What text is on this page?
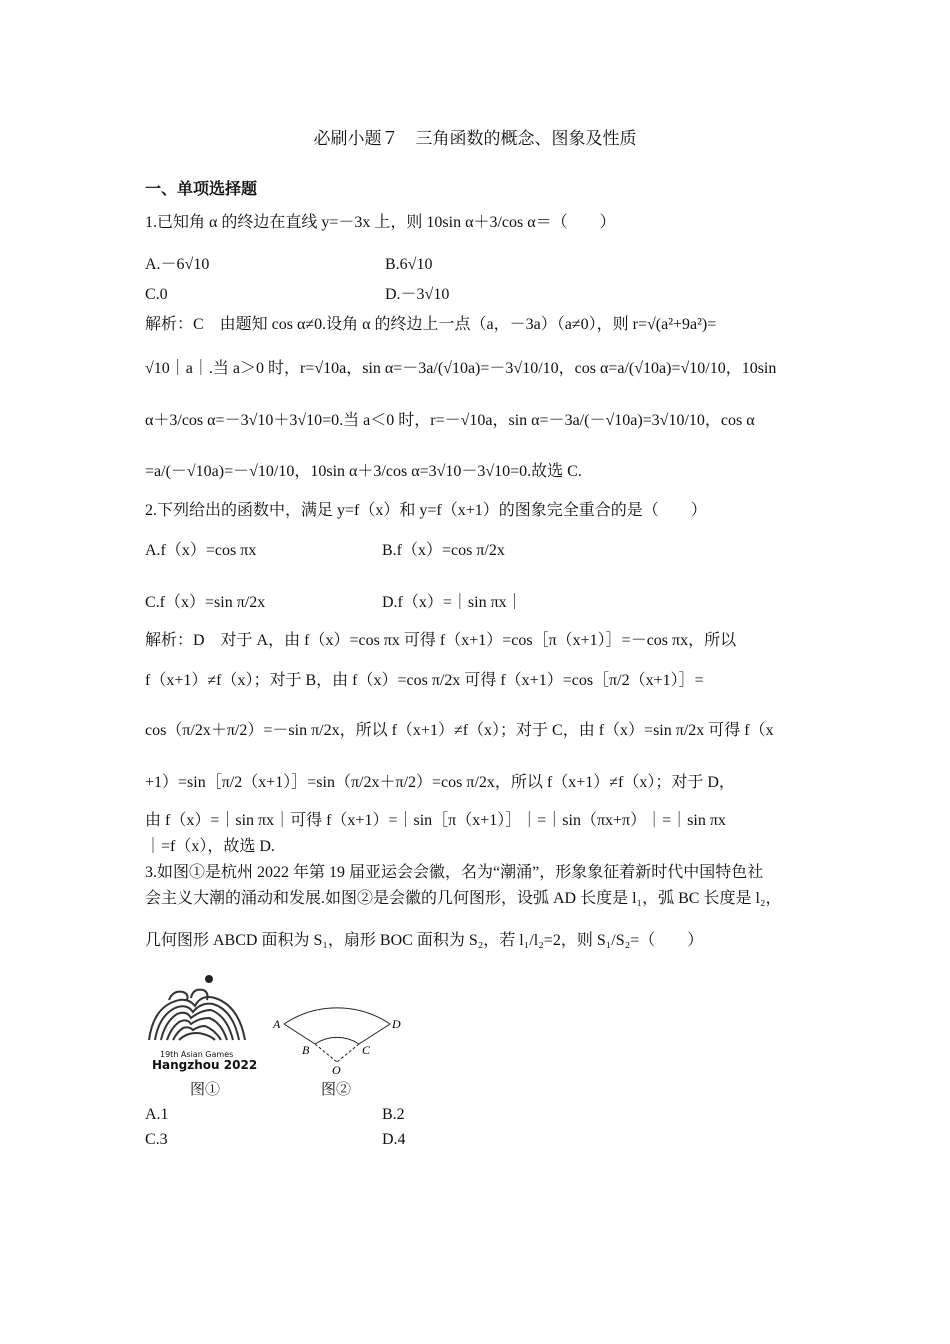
必刷小题７　三角函数的概念、图象及性质
一、单项选择题
1.已知角 α 的终边在直线 y=－3x 上，则 10sin α＋3/cos α＝（　　）
A.－6√10	B.6√10
C.0	D.－3√10
解析：C　由题知 cos α≠0.设角 α 的终边上一点（a，－3a）（a≠0），则 r=√(a²+9a²)=
√10｜a｜.当 a＞0 时，r=√10a，sin α=－3a/(√10a)=－3√10/10，cos α=a/(√10a)=√10/10，10sin
α＋3/cos α=－3√10＋3√10=0.当 a＜0 时，r=－√10a，sin α=－3a/(－√10a)=3√10/10，cos α
=a/(－√10a)=－√10/10，10sin α＋3/cos α=3√10－3√10=0.故选 C.
2.下列给出的函数中，满足 y=f（x）和 y=f（x+1）的图象完全重合的是（　　）
A.f（x）=cos πx	B.f（x）=cos π/2x
C.f（x）=sin π/2x	D.f（x）=｜sin πx｜
解析：D　对于 A，由 f（x）=cos πx 可得 f（x+1）=cos［π（x+1）］=－cos πx，所以
f（x+1）≠f（x）；对于 B，由 f（x）=cos π/2x 可得 f（x+1）=cos［π/2（x+1）］=
cos（π/2x＋π/2）=－sin π/2x，所以 f（x+1）≠f（x）；对于 C，由 f（x）=sin π/2x 可得 f（x
+1）=sin［π/2（x+1）］=sin（π/2x＋π/2）=cos π/2x，所以 f（x+1）≠f（x）；对于 D，
由 f（x）=｜sin πx｜可得 f（x+1）=｜sin［π（x+1）］｜=｜sin（πx+π）｜=｜sin πx
｜=f（x），故选 D.
3.如图①是杭州 2022 年第 19 届亚运会会徽，名为“潮涌”，形象象征着新时代中国特色社
会主义大潮的涌动和发展.如图②是会徽的几何图形，设弧 AD 长度是 l₁，弧 BC 长度是 l₂，
几何图形 ABCD 面积为 S₁，扇形 BOC 面积为 S₂，若 l₁/l₂=2，则 S₁/S₂=（　　）
19th Asian Games
Hangzhou 2022
图①
A
B	C
D
O
图②
A.1	B.2
C.3	D.4
